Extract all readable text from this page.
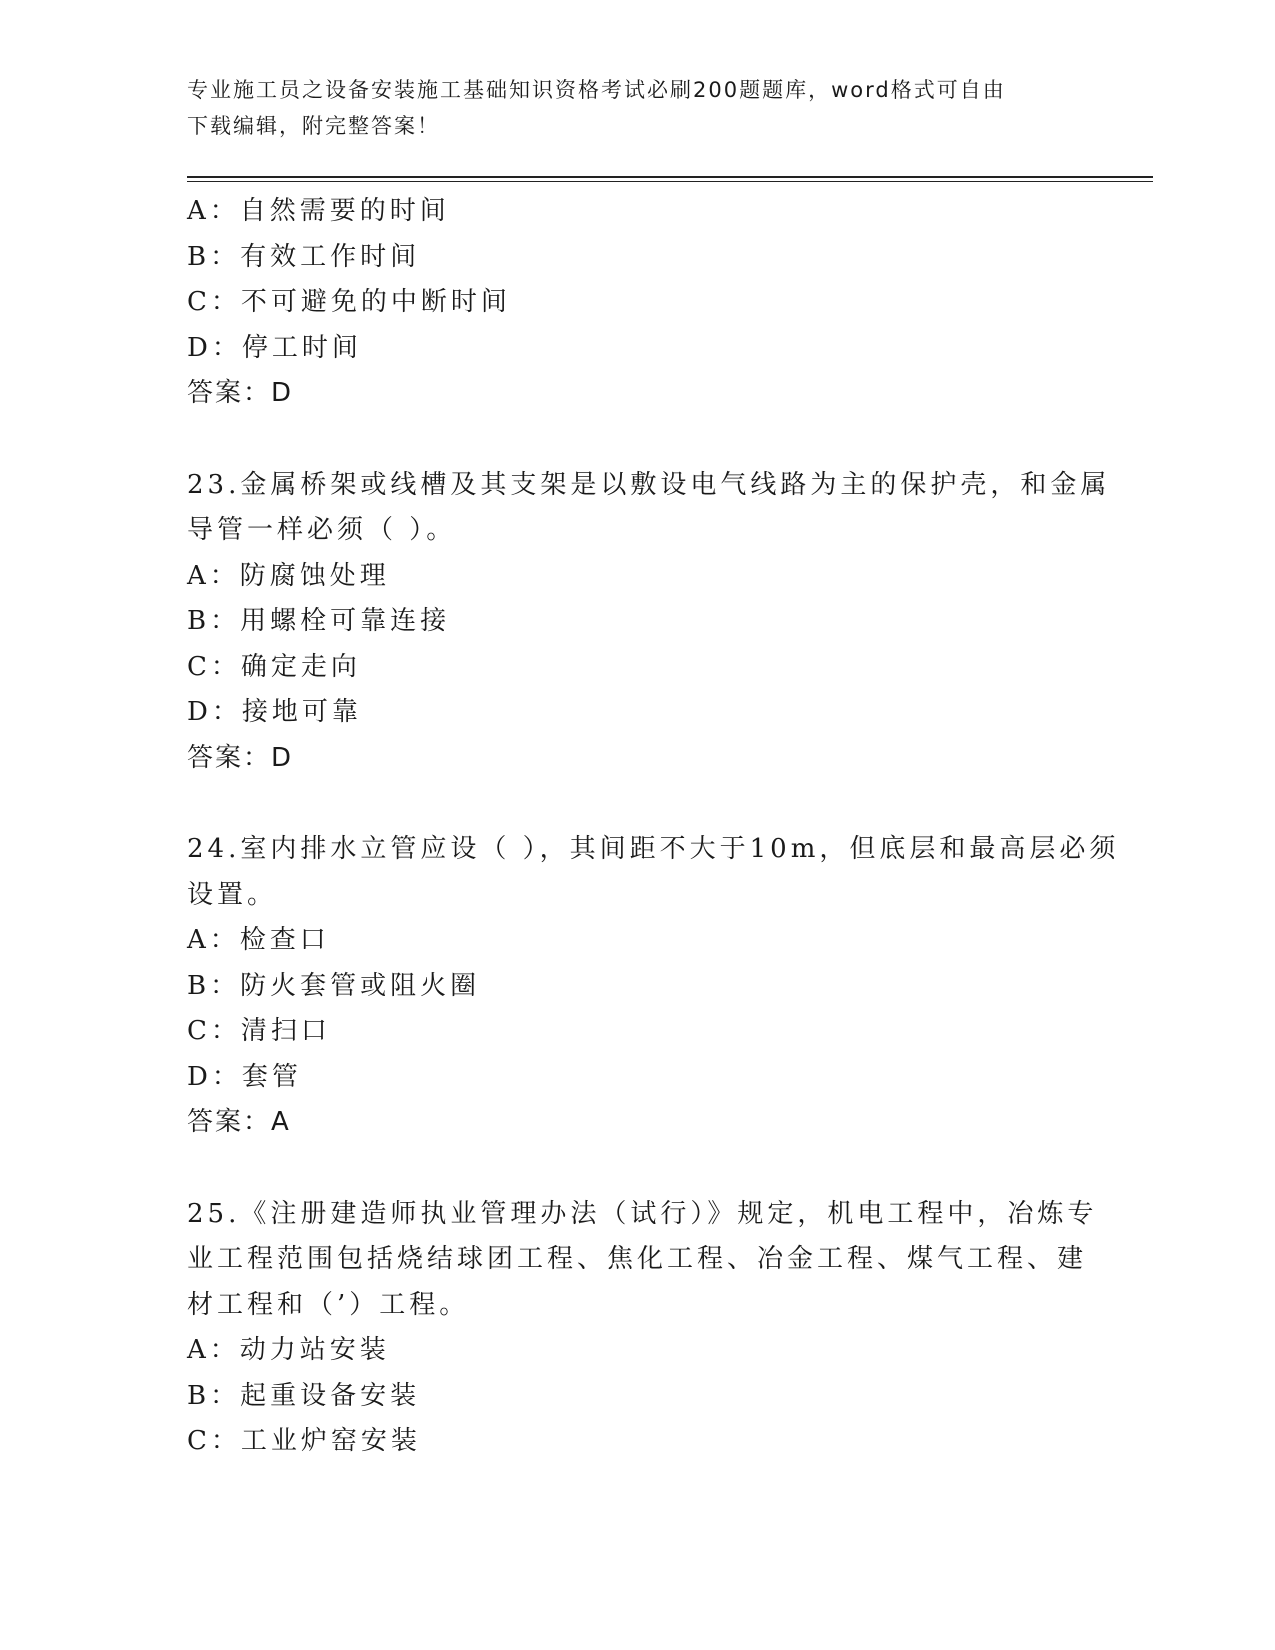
专业施工员之设备安装施工基础知识资格考试必刷200题题库，word格式可自由
下载编辑，附完整答案！
A：自然需要的时间
B：有效工作时间
C：不可避免的中断时间
D：停工时间
答案：D
23.金属桥架或线槽及其支架是以敷设电气线路为主的保护壳，和金属
导管一样必须（ ）。
A：防腐蚀处理
B：用螺栓可靠连接
C：确定走向
D：接地可靠
答案：D
24.室内排水立管应设（ ），其间距不大于10m，但底层和最高层必须
设置。
A：检查口
B：防火套管或阻火圈
C：清扫口
D：套管
答案：A
25.《注册建造师执业管理办法（试行）》规定，机电工程中，冶炼专
业工程范围包括烧结球团工程、焦化工程、冶金工程、煤气工程、建
材工程和（’）工程。
A：动力站安装
B：起重设备安装
C：工业炉窑安装
